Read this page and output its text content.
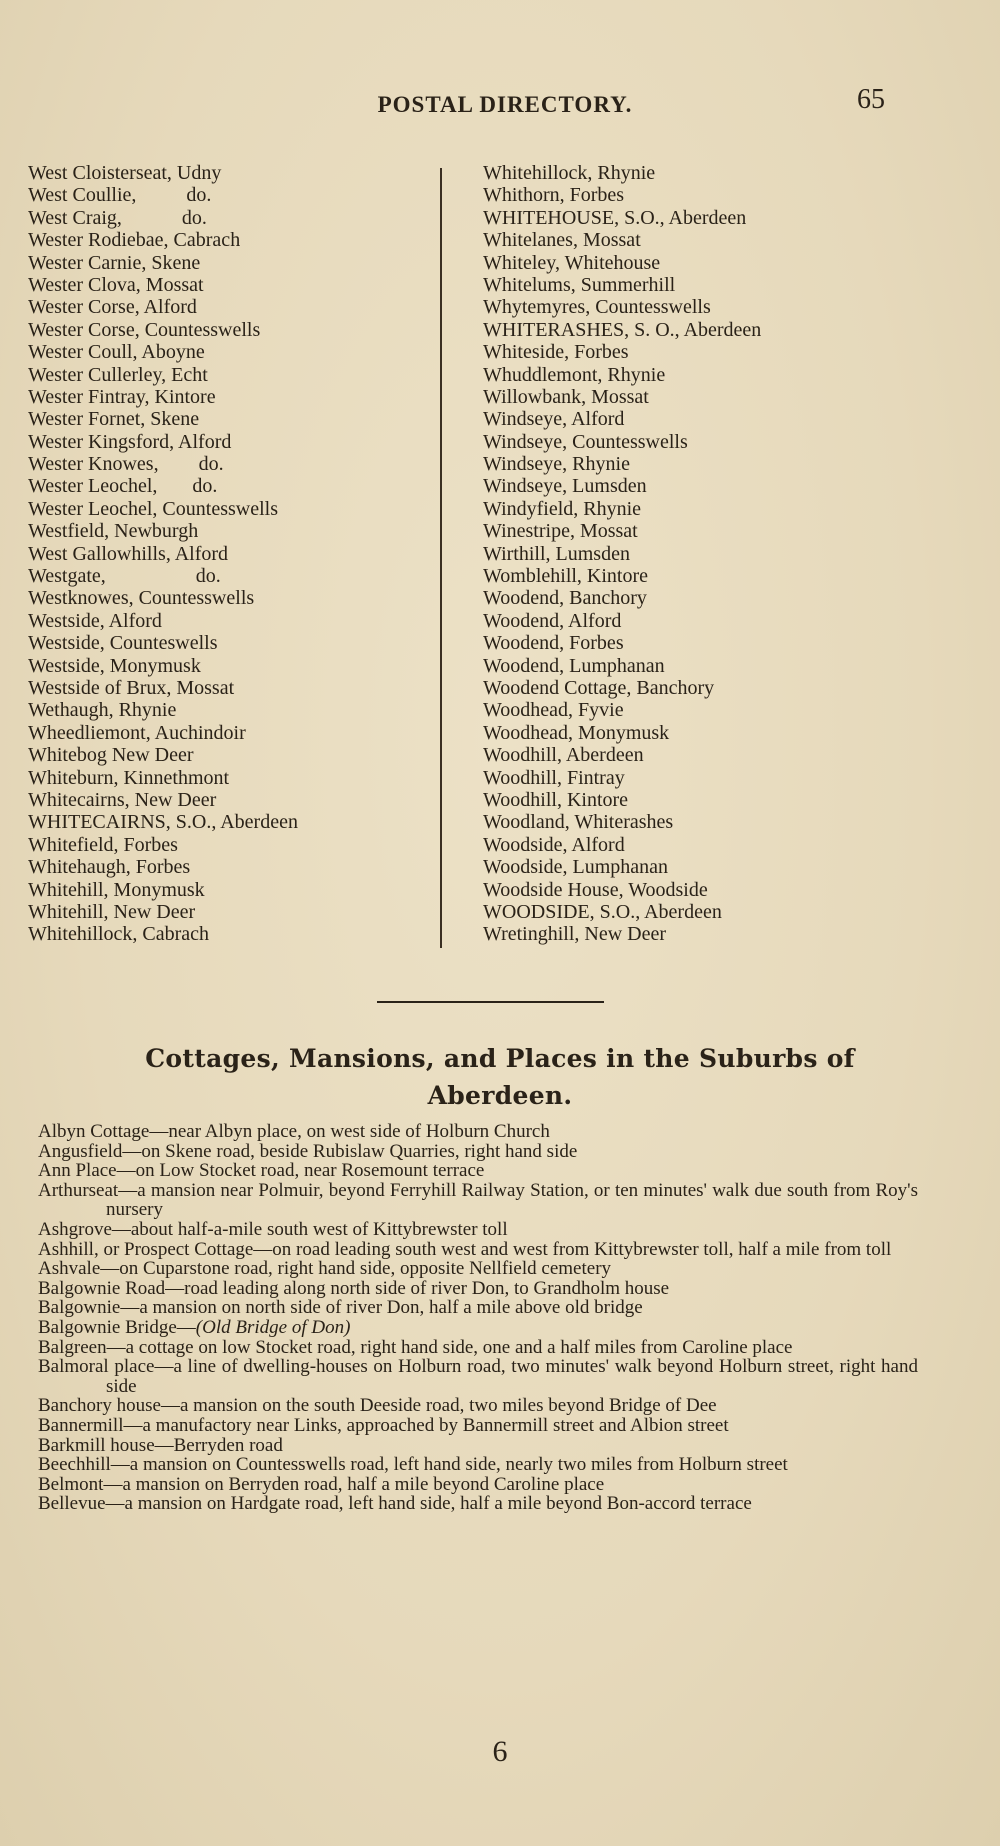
POSTAL DIRECTORY.	65
West Cloisterseat, Udny
West Coullie,          do.
West Craig,            do.
Wester Rodiebae, Cabrach
Wester Carnie, Skene
Wester Clova, Mossat
Wester Corse, Alford
Wester Corse, Countesswells
Wester Coull, Aboyne
Wester Cullerley, Echt
Wester Fintray, Kintore
Wester Fornet, Skene
Wester Kingsford, Alford
Wester Knowes,        do.
Wester Leochel,       do.
Wester Leochel, Countesswells
Westfield, Newburgh
West Gallowhills, Alford
Westgate,                  do.
Westknowes, Countesswells
Westside, Alford
Westside, Counteswells
Westside, Monymusk
Westside of Brux, Mossat
Wethaugh, Rhynie
Wheedliemont, Auchindoir
Whitebog New Deer
Whiteburn, Kinnethmont
Whitecairns, New Deer
WHITECAIRNS, S.O., Aberdeen
Whitefield, Forbes
Whitehaugh, Forbes
Whitehill, Monymusk
Whitehill, New Deer
Whitehillock, Cabrach
Whitehillock, Rhynie
Whithorn, Forbes
WHITEHOUSE, S.O., Aberdeen
Whitelanes, Mossat
Whiteley, Whitehouse
Whitelums, Summerhill
Whytemyres, Countesswells
WHITERASHES, S. O., Aberdeen
Whiteside, Forbes
Whuddlemont, Rhynie
Willowbank, Mossat
Windseye, Alford
Windseye, Countesswells
Windseye, Rhynie
Windseye, Lumsden
Windyfield, Rhynie
Winestripe, Mossat
Wirthill, Lumsden
Womblehill, Kintore
Woodend, Banchory
Woodend, Alford
Woodend, Forbes
Woodend, Lumphanan
Woodend Cottage, Banchory
Woodhead, Fyvie
Woodhead, Monymusk
Woodhill, Aberdeen
Woodhill, Fintray
Woodhill, Kintore
Woodland, Whiterashes
Woodside, Alford
Woodside, Lumphanan
Woodside House, Woodside
WOODSIDE, S.O., Aberdeen
Wretinghill, New Deer
Cottages, Mansions, and Places in the Suburbs of
Aberdeen.
Albyn Cottage—near Albyn place, on west side of Holburn Church
Angusfield—on Skene road, beside Rubislaw Quarries, right hand side
Ann Place—on Low Stocket road, near Rosemount terrace
Arthurseat—a mansion near Polmuir, beyond Ferryhill Railway Station, or ten minutes' walk due south from Roy's nursery
Ashgrove—about half-a-mile south west of Kittybrewster toll
Ashhill, or Prospect Cottage—on road leading south west and west from Kittybrewster toll, half a mile from toll
Ashvale—on Cuparstone road, right hand side, opposite Nellfield cemetery
Balgownie Road—road leading along north side of river Don, to Grandholm house
Balgownie—a mansion on north side of river Don, half a mile above old bridge
Balgownie Bridge—(Old Bridge of Don)
Balgreen—a cottage on low Stocket road, right hand side, one and a half miles from Caroline place
Balmoral place—a line of dwelling-houses on Holburn road, two minutes' walk beyond Holburn street, right hand side
Banchory house—a mansion on the south Deeside road, two miles beyond Bridge of Dee
Bannermill—a manufactory near Links, approached by Bannermill street and Albion street
Barkmill house—Berryden road
Beechhill—a mansion on Countesswells road, left hand side, nearly two miles from Holburn street
Belmont—a mansion on Berryden road, half a mile beyond Caroline place
Bellevue—a mansion on Hardgate road, left hand side, half a mile beyond Bon-accord terrace
6
